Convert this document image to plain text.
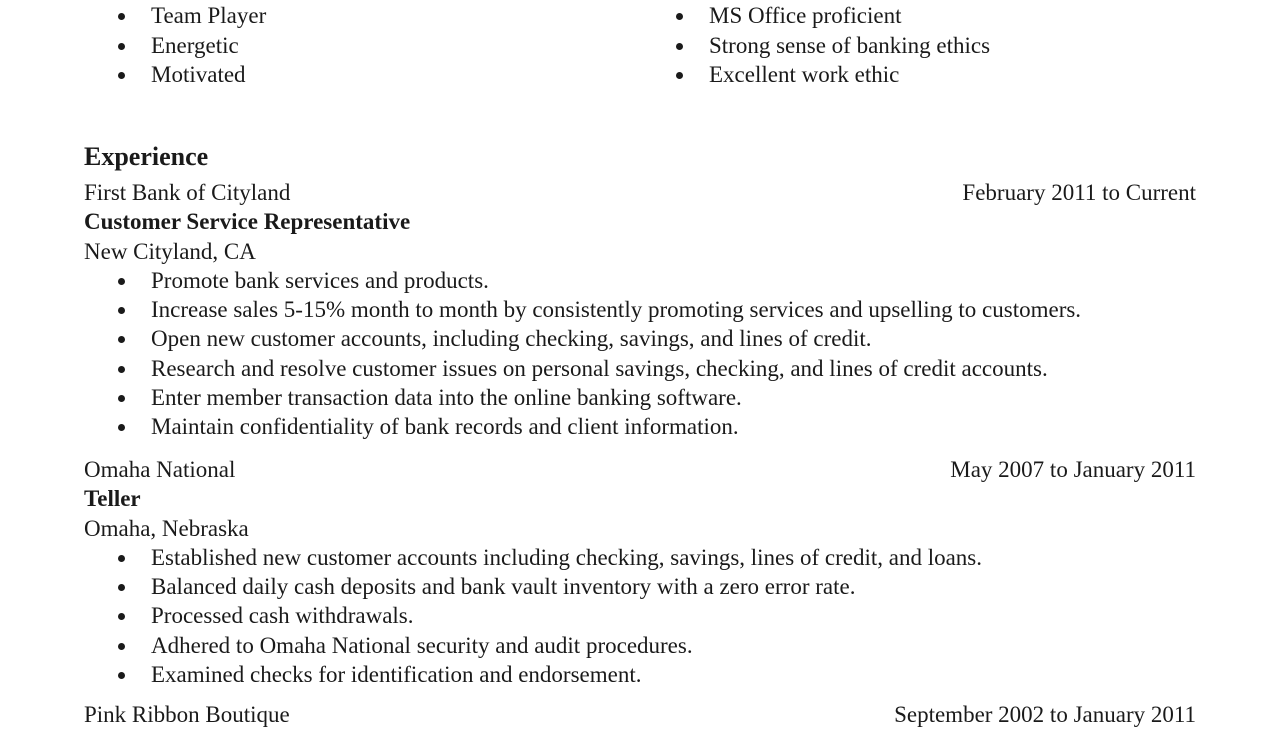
Team Player
Energetic
Motivated
MS Office proficient
Strong sense of banking ethics
Excellent work ethic
Experience
First Bank of Cityland	February 2011 to Current
Customer Service Representative
New Cityland, CA
Promote bank services and products.
Increase sales 5-15% month to month by consistently promoting services and upselling to customers.
Open new customer accounts, including checking, savings, and lines of credit.
Research and resolve customer issues on personal savings, checking, and lines of credit accounts.
Enter member transaction data into the online banking software.
Maintain confidentiality of bank records and client information.
Omaha National	May 2007 to January 2011
Teller
Omaha, Nebraska
Established new customer accounts including checking, savings, lines of credit, and loans.
Balanced daily cash deposits and bank vault inventory with a zero error rate.
Processed cash withdrawals.
Adhered to Omaha National security and audit procedures.
Examined checks for identification and endorsement.
Pink Ribbon Boutique	September 2002 to January 2011
